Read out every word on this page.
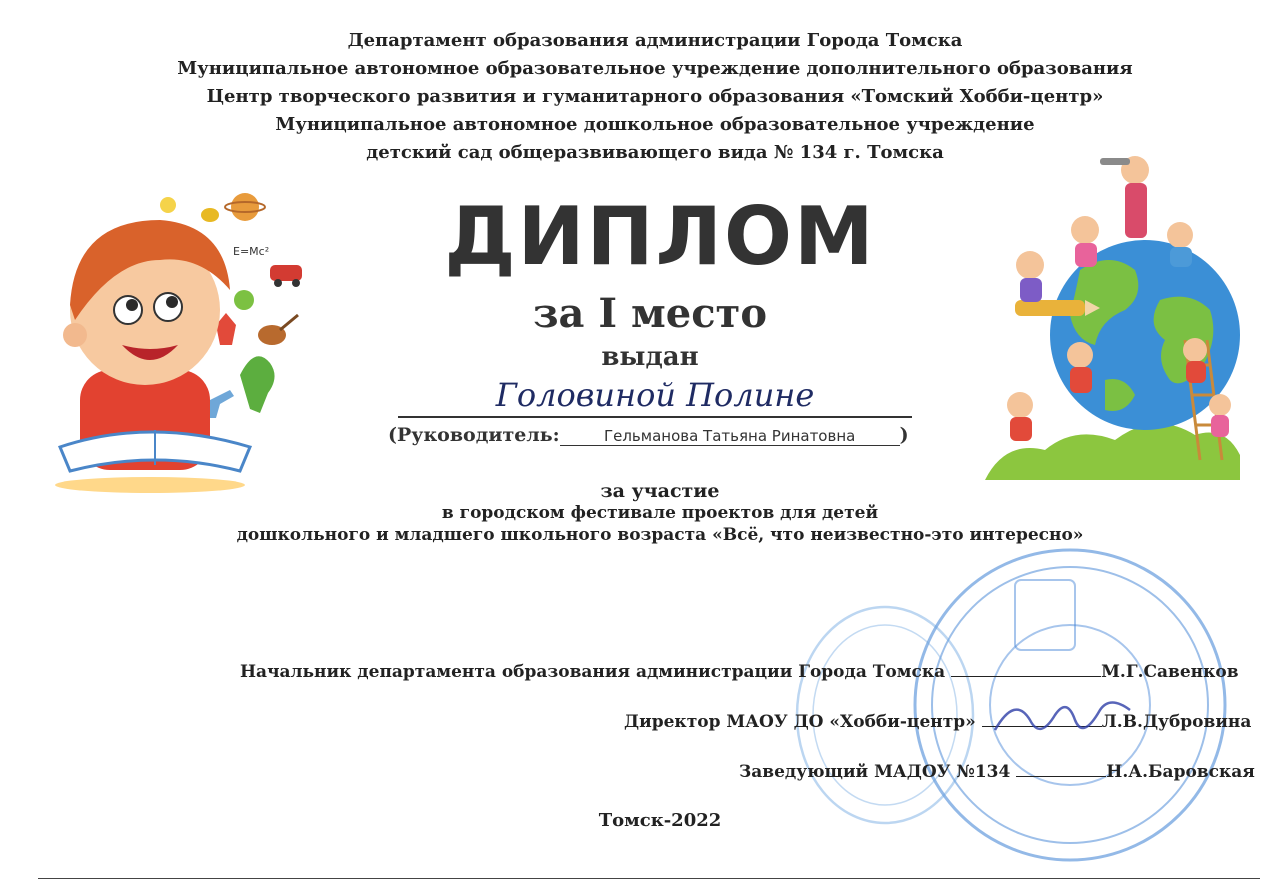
Департамент образования администрации Города Томска
Муниципальное автономное образовательное учреждение дополнительного образования
Центр творческого развития и гуманитарного образования «Томский Хобби-центр»
Муниципальное автономное дошкольное образовательное учреждение
детский сад общеразвивающего вида № 134 г. Томска
E=Mc²	ДИПЛОМ
за I место
выдан
Головиной Полине
(Руководитель:	Гельманова Татьяна Ринатовна )
за участие
в городском фестивале проектов для детей
дошкольного и младшего школьного возраста «Всё, что неизвестно-это интересно»
Начальник департамента образования администрации Города Томска	М.Г.Савенков
Директор МАОУ ДО «Хобби-центр»	Л.В.Дубровина
Заведующий МАДОУ №134	Н.А.Баровская
Томск-2022
